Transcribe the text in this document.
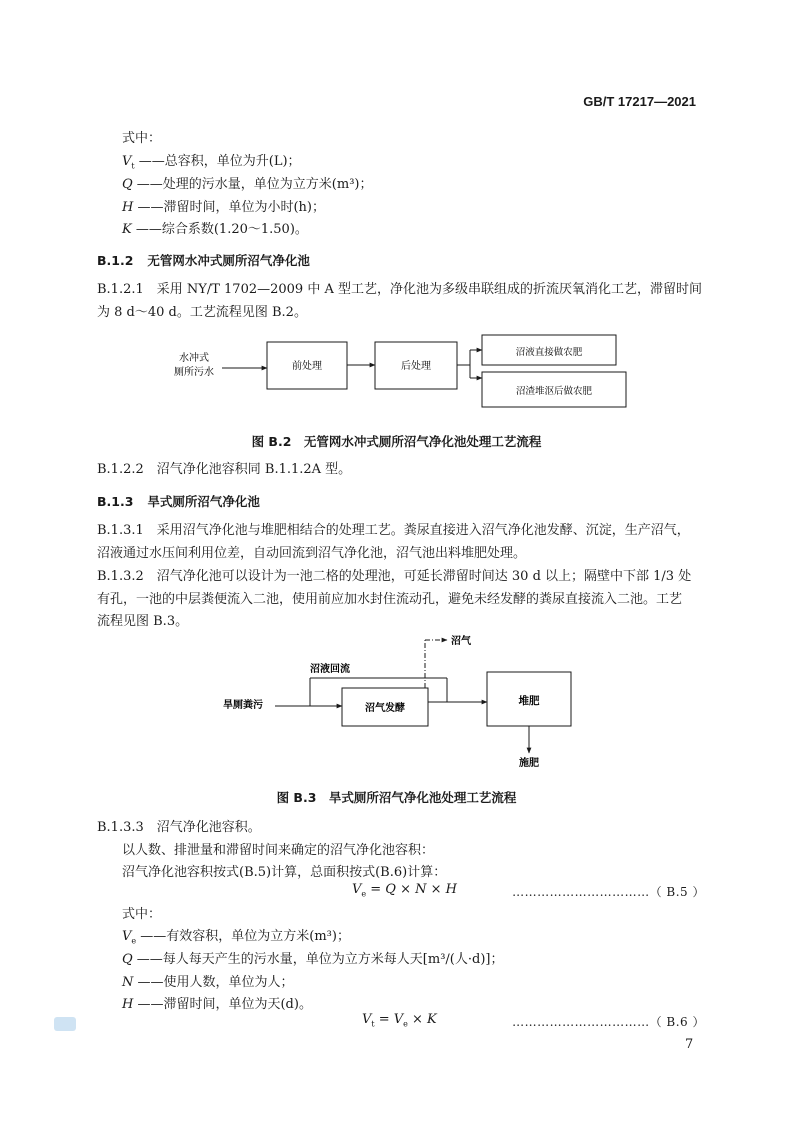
GB/T 17217—2021
式中：
$V_t$ ——总容积，单位为升(L)；
Q ——处理的污水量，单位为立方米(m³)；
H ——滞留时间，单位为小时(h)；
K ——综合系数(1.20～1.50)。
B.1.2 无管网水冲式厕所沼气净化池
B.1.2.1　采用 NY/T 1702—2009 中 A 型工艺，净化池为多级串联组成的折流厌氧消化工艺，滞留时间
为 8 d～40 d。工艺流程见图 B.2。
水冲式
厕所污水
前处理	后处理
沼液直接做农肥
沼渣堆沤后做农肥
图 B.2　无管网水冲式厕所沼气净化池处理工艺流程
B.1.2.2　沼气净化池容积同 B.1.1.2A 型。
B.1.3 旱式厕所沼气净化池
B.1.3.1　采用沼气净化池与堆肥相结合的处理工艺。粪尿直接进入沼气净化池发酵、沉淀，生产沼气，
沼液通过水压间利用位差，自动回流到沼气净化池，沼气池出料堆肥处理。
B.1.3.2　沼气净化池可以设计为一池二格的处理池，可延长滞留时间达 30 d 以上；隔壁中下部 1/3 处
有孔，一池的中层粪便流入二池，使用前应加水封住流动孔，避免未经发酵的粪尿直接流入二池。工艺
流程见图 B.3。
沼气
沼液回流
旱厕粪污	沼气发酵
堆肥
施肥
图 B.3　旱式厕所沼气净化池处理工艺流程
B.1.3.3　沼气净化池容积。
以人数、排泄量和滞留时间来确定的沼气净化池容积：
沼气净化池容积按式(B.5)计算，总面积按式(B.6)计算：
$V_e = Q \times N \times H$	……………………………（ B.5 ）
式中：
$V_e$ ——有效容积，单位为立方米(m³)；
Q ——每人每天产生的污水量，单位为立方米每人天[m³/(人·d)]；
N ——使用人数，单位为人；
H ——滞留时间，单位为天(d)。
$V_t = V_e \times K$	……………………………（ B.6 ）
7
